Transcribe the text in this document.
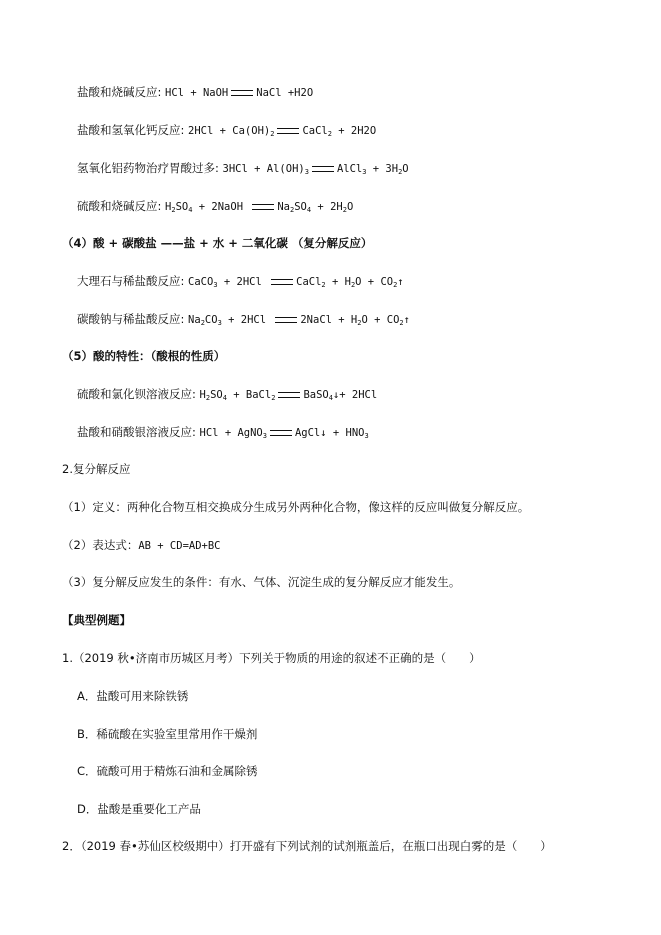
盐酸和烧碱反应: HCl + NaOH	NaCl +H2O
盐酸和氢氧化钙反应: $2HCl + Ca(OH)_2$	CaCl$_2$ + 2H2O
氢氧化铝药物治疗胃酸过多: $3HCl + Al(OH)_3$	AlCl$_3$ + $3H_2O$
硫酸和烧碱反应: $H_2SO_4$ + 2NaOH	$Na_2SO_4 + 2H_2O$
（4）酸 + 碳酸盐 ——盐 + 水 + 二氧化碳 （复分解反应）
大理石与稀盐酸反应: CaCO$_3$ + 2HCl	CaCl$_2$ + $H_2O$ + $CO_2↑$
碳酸钠与稀盐酸反应: $Na_2CO_3 + 2HCl$	2NaCl + $H_2O$ + $CO_2↑$
（5）酸的特性：（酸根的性质）
硫酸和氯化钡溶液反应: $H_2SO_4$ + BaCl$_2$	BaSO$_4$↓+ 2HCl
盐酸和硝酸银溶液反应: HCl + AgNO$_3$	AgCl↓ + $HNO_3$
2.复分解反应
（1）定义：两种化合物互相交换成分生成另外两种化合物，像这样的反应叫做复分解反应。
（2）表达式：AB + CD=AD+BC
（3）复分解反应发生的条件：有水、气体、沉淀生成的复分解反应才能发生。
【典型例题】
1.（2019 秋•济南市历城区月考）下列关于物质的用途的叙述不正确的是（　　）
A．盐酸可用来除铁锈
B．稀硫酸在实验室里常用作干燥剂
C．硫酸可用于精炼石油和金属除锈
D．盐酸是重要化工产品
2．（2019 春•苏仙区校级期中）打开盛有下列试剂的试剂瓶盖后，在瓶口出现白雾的是（　　）
